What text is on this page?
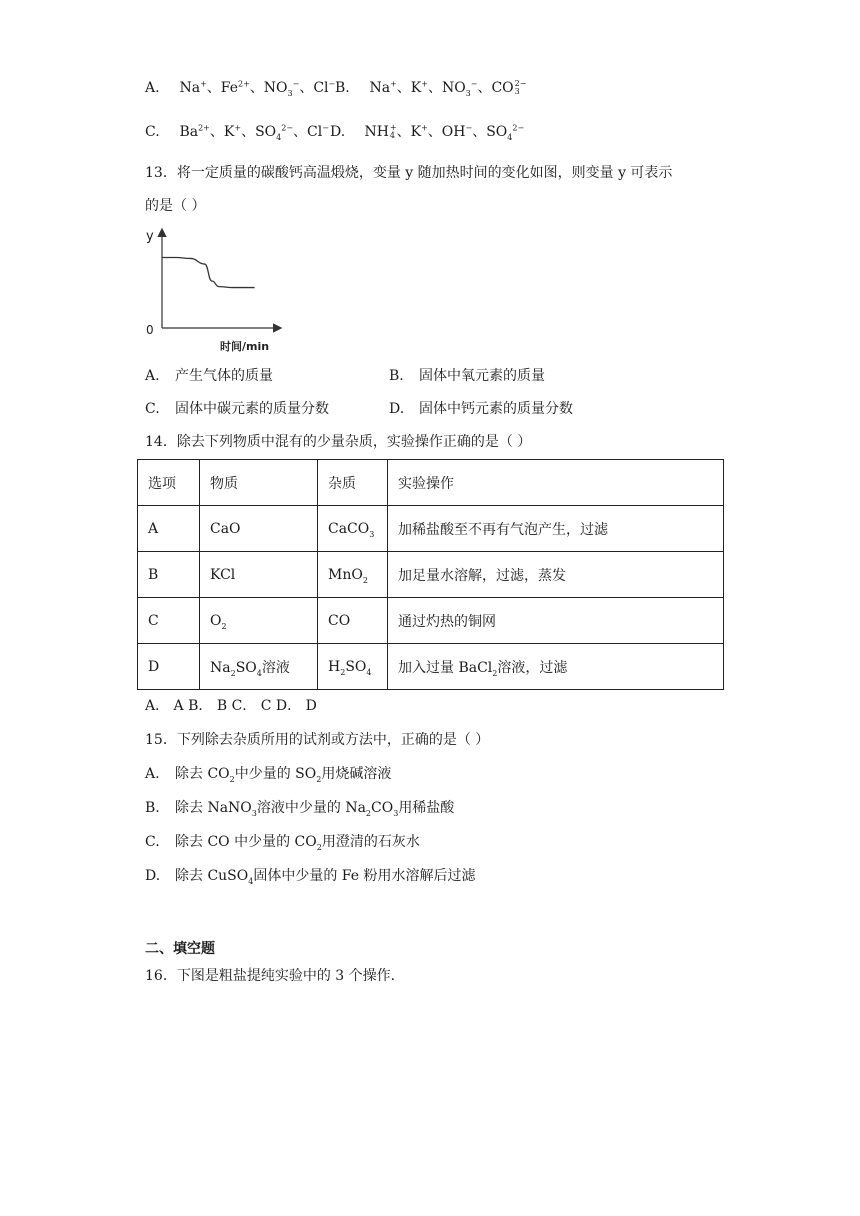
A. Na+、$Fe^{2+}$、$NO_3^-$、Cl− B. Na+、K+、$NO_3^-$、CO2−
3
C. $Ba^{2+}$、K+、$SO_4^{2-}$、Cl− D. NH+
4 、K+、OH−、$SO_4^{2-}$
13．将一定质量的碳酸钙高温煅烧，变量 y 随加热时间的变化如图，则变量 y 可表示
的是（ ）
y
0
时间/min
A. 产生气体的质量	B. 固体中氧元素的质量
C. 固体中碳元素的质量分数	D. 固体中钙元素的质量分数
14．除去下列物质中混有的少量杂质，实验操作正确的是（ ）
选项	物质	杂质	实验操作
A	CaO	CaCO$_3$	加稀盐酸至不再有气泡产生，过滤
B	KCl	MnO$_2$	加足量水溶解，过滤，蒸发
C	$O_2$	CO	通过灼热的铜网
D	$Na_2SO_4$溶液	$H_2SO_4$	加入过量 BaCl$_2$溶液，过滤
A． A B． B C． C D． D
15．下列除去杂质所用的试剂或方法中，正确的是（ ）
A. 除去 $CO_2$中少量的 $SO_2$用烧碱溶液
B. 除去 NaNO$_3$溶液中少量的 $Na_2CO_3$用稀盐酸
C. 除去 CO 中少量的 $CO_2$用澄清的石灰水
D. 除去 CuSO$_4$固体中少量的 Fe 粉用水溶解后过滤
二、填空题
16．下图是粗盐提纯实验中的 3 个操作.
